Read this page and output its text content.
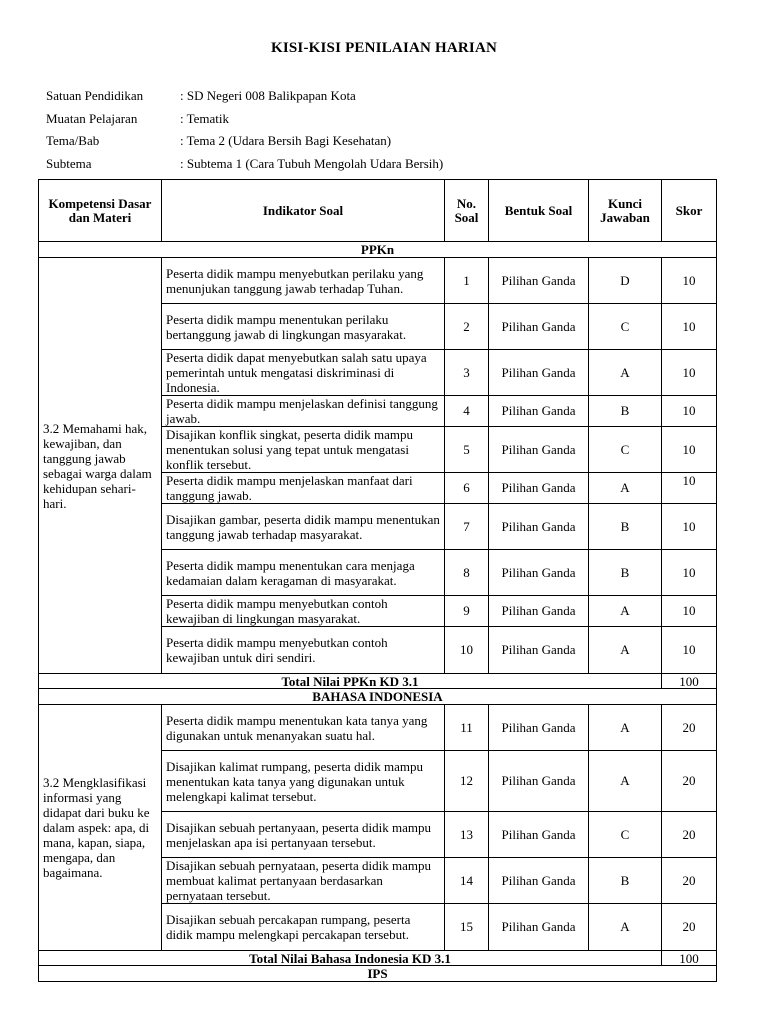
KISI-KISI PENILAIAN HARIAN
Satuan Pendidikan	: SD Negeri 008 Balikpapan Kota
Muatan Pelajaran	: Tematik
Tema/Bab	: Tema 2 (Udara Bersih Bagi Kesehatan)
Subtema	: Subtema 1 (Cara Tubuh Mengolah Udara Bersih)
Kompetensi Dasar dan Materi	Indikator Soal	No. Soal	Bentuk Soal	Kunci Jawaban	Skor
PPKn					
3.2 Memahami hak, kewajiban, dan tanggung jawab sebagai warga dalam kehidupan sehari-hari.	Peserta didik mampu menyebutkan perilaku yang menunjukan tanggung jawab terhadap Tuhan.	1	Pilihan Ganda	D	10
	Peserta didik mampu menentukan perilaku bertanggung jawab di lingkungan masyarakat.	2	Pilihan Ganda	C	10
	Peserta didik dapat menyebutkan salah satu upaya pemerintah untuk mengatasi diskriminasi di Indonesia.	3	Pilihan Ganda	A	10
	Peserta didik mampu menjelaskan definisi tanggung jawab.	4	Pilihan Ganda	B	10
	Disajikan konflik singkat, peserta didik mampu menentukan solusi yang tepat untuk mengatasi konflik tersebut.	5	Pilihan Ganda	C	10
	Peserta didik mampu menjelaskan manfaat dari tanggung jawab.	6	Pilihan Ganda	A	10
	Disajikan gambar, peserta didik mampu menentukan tanggung jawab terhadap masyarakat.	7	Pilihan Ganda	B	10
	Peserta didik mampu menentukan cara menjaga kedamaian dalam keragaman di masyarakat.	8	Pilihan Ganda	B	10
	Peserta didik mampu menyebutkan contoh kewajiban di lingkungan masyarakat.	9	Pilihan Ganda	A	10
	Peserta didik mampu menyebutkan contoh kewajiban untuk diri sendiri.	10	Pilihan Ganda	A	10
Total Nilai PPKn KD 3.1					100
BAHASA INDONESIA					
3.2 Mengklasifikasi informasi yang didapat dari buku ke dalam aspek: apa, di mana, kapan, siapa, mengapa, dan bagaimana.	Peserta didik mampu menentukan kata tanya yang digunakan untuk menanyakan suatu hal.	11	Pilihan Ganda	A	20
	Disajikan kalimat rumpang, peserta didik mampu menentukan kata tanya yang digunakan untuk melengkapi kalimat tersebut.	12	Pilihan Ganda	A	20
	Disajikan sebuah pertanyaan, peserta didik mampu menjelaskan apa isi pertanyaan tersebut.	13	Pilihan Ganda	C	20
	Disajikan sebuah pernyataan, peserta didik mampu membuat kalimat pertanyaan berdasarkan pernyataan tersebut.	14	Pilihan Ganda	B	20
	Disajikan sebuah percakapan rumpang, peserta didik mampu melengkapi percakapan tersebut.	15	Pilihan Ganda	A	20
Total Nilai Bahasa Indonesia KD 3.1					100
IPS					
